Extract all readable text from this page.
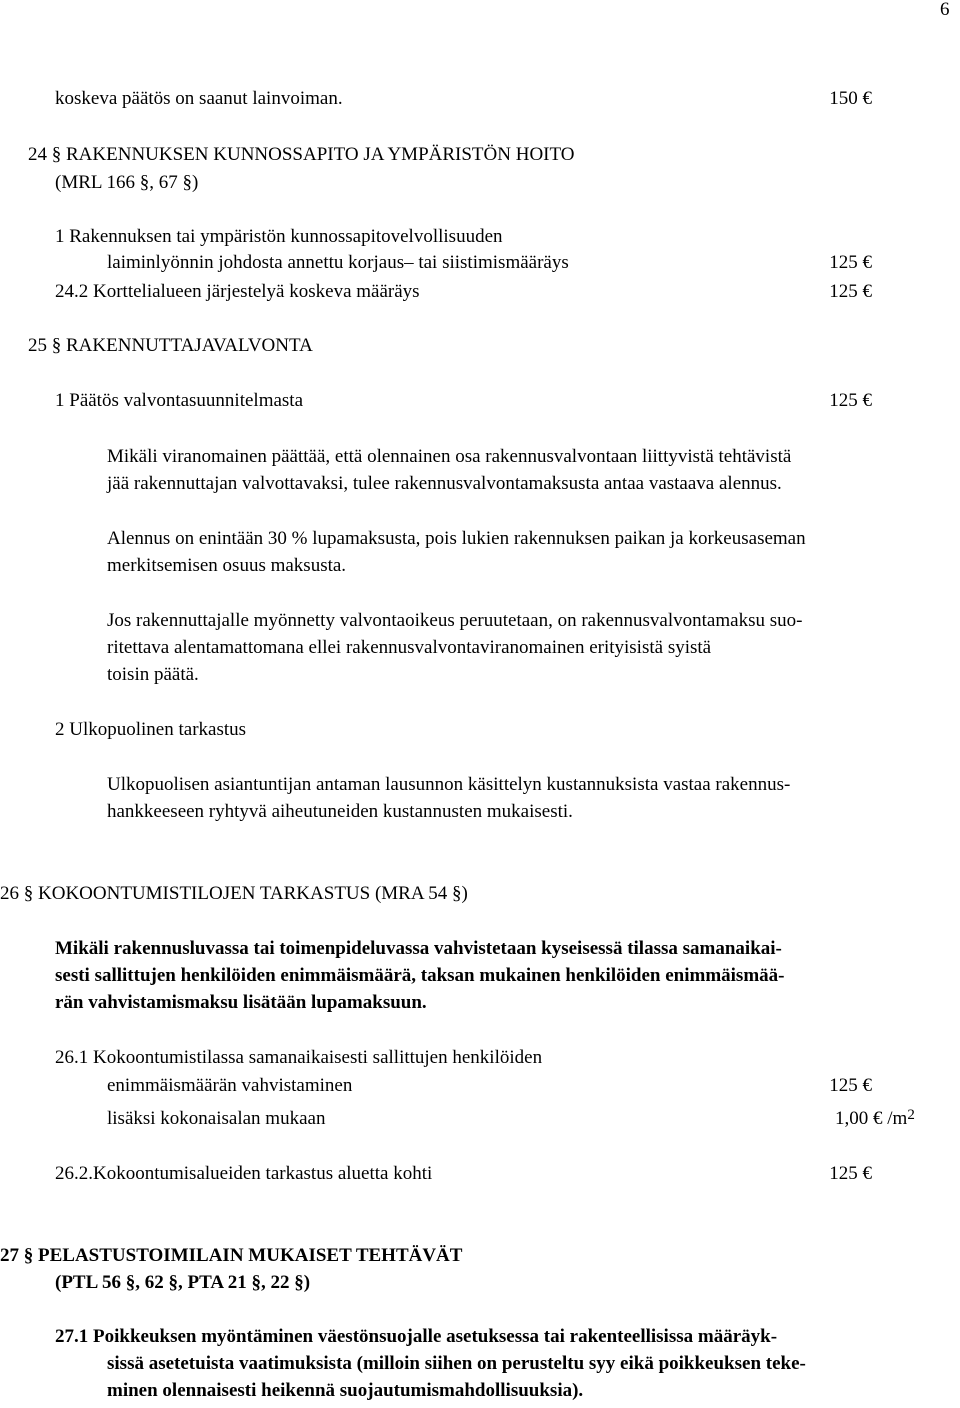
6
koskeva päätös on saanut lainvoiman.	150 €
24 § RAKENNUKSEN KUNNOSSAPITO JA YMPÄRISTÖN HOITO
(MRL 166 §, 67 §)
1 Rakennuksen tai ympäristön kunnossapitovelvollisuuden
laiminlyönnin johdosta annettu korjaus– tai siistimismääräys	125 €
24.2 Korttelialueen järjestelyä koskeva määräys	125 €
25 § RAKENNUTTAJAVALVONTA
1 Päätös valvontasuunnitelmasta	125 €
Mikäli viranomainen päättää, että olennainen osa rakennusvalvontaan liittyvistä tehtävistä
jää rakennuttajan valvottavaksi, tulee rakennusvalvontamaksusta antaa vastaava alennus.
Alennus on enintään 30 % lupamaksusta, pois lukien rakennuksen paikan ja korkeusaseman
merkitsemisen osuus maksusta.
Jos rakennuttajalle myönnetty valvontaoikeus peruutetaan, on rakennusvalvontamaksu suo-
ritettava alentamattomana ellei rakennusvalvontaviranomainen erityisistä syistä
toisin päätä.
2 Ulkopuolinen tarkastus
Ulkopuolisen asiantuntijan antaman lausunnon käsittelyn kustannuksista vastaa rakennus-
hankkeeseen ryhtyvä aiheutuneiden kustannusten mukaisesti.
26 § KOKOONTUMISTILOJEN TARKASTUS (MRA 54 §)
Mikäli rakennusluvassa tai toimenpideluvassa vahvistetaan kyseisessä tilassa samanaikai-
sesti sallittujen henkilöiden enimmäismäärä, taksan mukainen henkilöiden enimmäismää-
rän vahvistamismaksu lisätään lupamaksuun.
26.1 Kokoontumistilassa samanaikaisesti sallittujen henkilöiden
enimmäismäärän vahvistaminen	125 €
lisäksi kokonaisalan mukaan	1,00 € $/m^2$
26.2.Kokoontumisalueiden tarkastus aluetta kohti	125 €
27 § PELASTUSTOIMILAIN MUKAISET TEHTÄVÄT
(PTL 56 §, 62 §, PTA 21 §, 22 §)
27.1 Poikkeuksen myöntäminen väestönsuojalle asetuksessa tai rakenteellisissa määräyk-
sissä asetetuista vaatimuksista (milloin siihen on perusteltu syy eikä poikkeuksen teke-
minen olennaisesti heikennä suojautumismahdollisuuksia).
